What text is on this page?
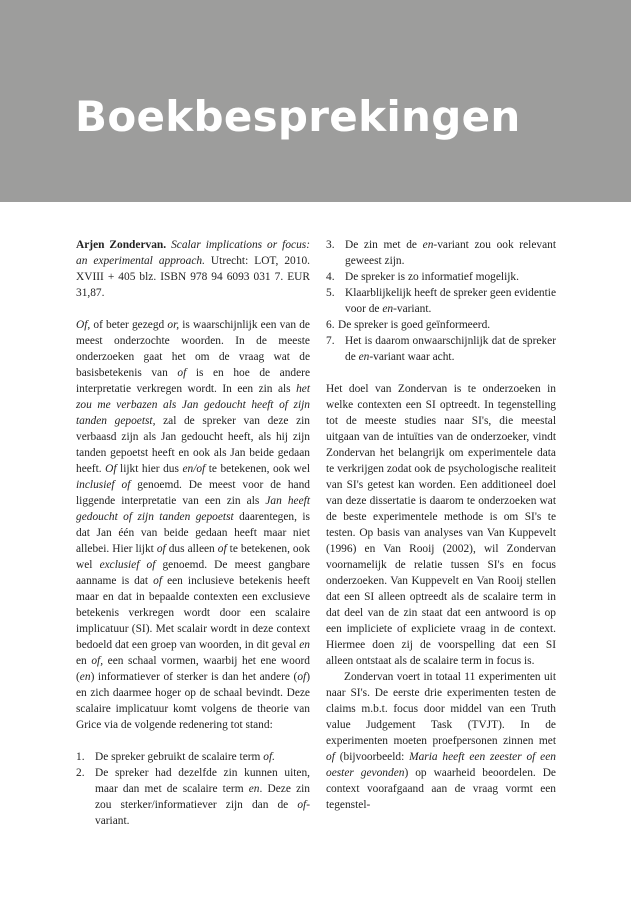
Boekbesprekingen

Arjen Zondervan. Scalar implications or focus: an experimental approach. Utrecht: LOT, 2010. XVIII + 405 blz. ISBN 978 94 6093 031 7. EUR 31,87.

Of, of beter gezegd or, is waarschijnlijk een van de meest onderzochte woorden. In de meeste onderzoeken gaat het om de vraag wat de basisbetekenis van of is en hoe de andere interpretatie verkregen wordt. In een zin als het zou me verbazen als Jan gedoucht heeft of zijn tanden gepoetst, zal de spreker van deze zin verbaasd zijn als Jan gedoucht heeft, als hij zijn tanden gepoetst heeft en ook als Jan beide gedaan heeft. Of lijkt hier dus en/of te betekenen, ook wel inclusief of genoemd. De meest voor de hand liggende interpretatie van een zin als Jan heeft gedoucht of zijn tanden gepoetst daarentegen, is dat Jan één van beide gedaan heeft maar niet allebei. Hier lijkt of dus alleen of te betekenen, ook wel exclusief of genoemd. De meest gangbare aanname is dat of een inclusieve betekenis heeft maar en dat in bepaalde contexten een exclusieve betekenis verkregen wordt door een scalaire implicatuur (SI). Met scalair wordt in deze context bedoeld dat een groep van woorden, in dit geval en en of, een schaal vormen, waarbij het ene woord (en) informatiever of sterker is dan het andere (of) en zich daarmee hoger op de schaal bevindt. Deze scalaire implicatuur komt volgens de theorie van Grice via de volgende redenering tot stand:

1. De spreker gebruikt de scalaire term of.
2. De spreker had dezelfde zin kunnen uiten, maar dan met de scalaire term en. Deze zin zou sterker/informatiever zijn dan de of-variant.
3. De zin met de en-variant zou ook relevant geweest zijn.
4. De spreker is zo informatief mogelijk.
5. Klaarblijkelijk heeft de spreker geen evidentie voor de en-variant.
6. De spreker is goed geïnformeerd.
7. Het is daarom onwaarschijnlijk dat de spreker de en-variant waar acht.

Het doel van Zondervan is te onderzoeken in welke contexten een SI optreedt. In tegenstelling tot de meeste studies naar SI's, die meestal uitgaan van de intuïties van de onderzoeker, vindt Zondervan het belangrijk om experimentele data te verkrijgen zodat ook de psychologische realiteit van SI's getest kan worden. Een additioneel doel van deze dissertatie is daarom te onderzoeken wat de beste experimentele methode is om SI's te testen. Op basis van analyses van Van Kuppevelt (1996) en Van Rooij (2002), wil Zondervan voornamelijk de relatie tussen SI's en focus onderzoeken. Van Kuppevelt en Van Rooij stellen dat een SI alleen optreedt als de scalaire term in dat deel van de zin staat dat een antwoord is op een impliciete of expliciete vraag in de context. Hiermee doen zij de voorspelling dat een SI alleen ontstaat als de scalaire term in focus is.

Zondervan voert in totaal 11 experimenten uit naar SI's. De eerste drie experimenten testen de claims m.b.t. focus door middel van een Truth value Judgement Task (TVJT). In de experimenten moeten proefpersonen zinnen met of (bijvoorbeeld: Maria heeft een zeester of een oester gevonden) op waarheid beoordelen. De context voorafgaand aan de vraag vormt een tegenstel-
